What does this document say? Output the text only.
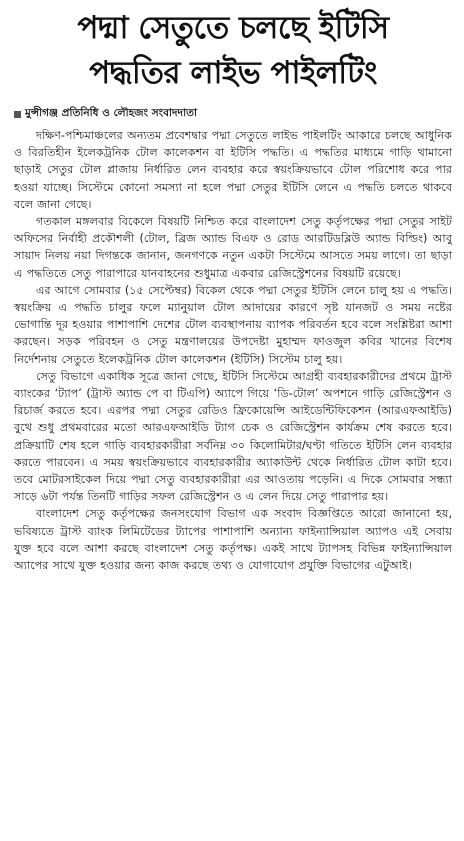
পদ্মা সেতুতে চলছে ইটিসি
পদ্ধতির লাইভ পাইলটিং
মুন্সীগঞ্জ প্রতিনিধি ও লৌহজং সংবাদদাতা

দক্ষিণ-পশ্চিমাঞ্চলের অন্যতম প্রবেশদ্বার পদ্মা সেতুতে লাইভ পাইলটিং আকারে চলছে আধুনিক ও বিরতিহীন ইলেকট্রনিক টোল কালেকশন বা ইটিসি পদ্ধতি। এ পদ্ধতির মাধ্যমে গাড়ি থামানো ছাড়াই সেতুর টোল প্লাজায় নির্ধারিত লেন ব্যবহার করে স্বয়ংক্রিয়ভাবে টোল পরিশোধ করে পার হওয়া যাচ্ছে। সিস্টেমে কোনো সমস্যা না হলে পদ্মা সেতুর ইটিসি লেনে এ পদ্ধতি চলতে থাকবে বলে জানা গেছে।

গতকাল মঙ্গলবার বিকেলে বিষয়টি নিশ্চিত করে বাংলাদেশ সেতু কর্তৃপক্ষের পদ্মা সেতুর সাইট অফিসের নির্বাহী প্রকৌশলী (টোল, ব্রিজ অ্যান্ড বিএফ ও রোড আরটিডব্লিউ অ্যান্ড বিল্ডিং) আবু সায়াদ নিলয় নয়া দিগন্তকে জানান, জনগণকে নতুন একটা সিস্টেমে আসতে সময় লাগে। তা ছাড়া এ পদ্ধতিতে সেতু পারাপারে যানবাহনের শুধুমাত্র একবার রেজিস্ট্রেশনের বিষয়টি রয়েছে।

এর আগে সোমবার (১৫ সেপ্টেম্বর) বিকেল থেকে পদ্মা সেতুর ইটিসি লেনে চালু হয় এ পদ্ধতি। স্বয়ংক্রিয় এ পদ্ধতি চালুর ফলে ম্যানুয়াল টোল আদায়ের কারণে সৃষ্ট যানজট ও সময় নষ্টের ভোগান্তি দূর হওয়ার পাশাপাশি দেশের টোল ব্যবস্থাপনায় ব্যাপক পরিবর্তন হবে বলে সংশ্লিষ্টরা আশা করছেন। সড়ক পরিবহন ও সেতু মন্ত্রণালয়ের উপদেষ্টা মুহাম্মদ ফাওজুল কবির খানের বিশেষ নির্দেশনায় সেতুতে ইলেকট্রনিক টোল কালেকশন (ইটিসি) সিস্টেম চালু হয়।

সেতু বিভাগে একাধিক সূত্রে জানা গেছে, ইটিসি সিস্টেমে আগ্রহী ব্যবহারকারীদের প্রথমে ট্রাস্ট ব্যাংকের ‘ট্যাপ’ (ট্রাস্ট অ্যান্ড পে বা টিএপি) অ্যাপে গিয়ে ‘ডি-টোল’ অপশনে গাড়ি রেজিস্ট্রেশন ও রিচার্জ করতে হবে। এরপর পদ্মা সেতুর রেডিও ফ্রিকোয়েন্সি আইডেন্টিফিকেশন (আরএফআইডি) বুথে শুধু প্রথমবারের মতো আরএফআইডি ট্যাগ চেক ও রেজিস্ট্রেশন কার্যক্রম শেষ করতে হবে। প্রক্রিয়াটি শেষ হলে গাড়ি ব্যবহারকারীরা সর্বনিম্ন ৩০ কিলোমিটার/ঘণ্টা গতিতে ইটিসি লেন ব্যবহার করতে পারবেন। এ সময় স্বয়ংক্রিয়ভাবে ব্যবহারকারীর অ্যাকাউন্ট থেকে নির্ধারিত টোল কাটা হবে। তবে মোটরসাইকেল দিয়ে পদ্মা সেতু ব্যবহারকারীরা এর আওতায় পড়েনি। এ দিকে সোমবার সন্ধ্যা সাড়ে ৬টা পর্যন্ত তিনটি গাড়ির সফল রেজিস্ট্রেশন ও এ লেন দিয়ে সেতু পারাপার হয়।

বাংলাদেশ সেতু কর্তৃপক্ষের জনসংযোগ বিভাগ এক সংবাদ বিজ্ঞপ্তিতে আরো জানানো হয়, ভবিষ্যতে ট্রাস্ট ব্যাংক লিমিটেডের ট্যাপের পাশাপাশি অন্যান্য ফাইন্যান্সিয়াল অ্যাপও এই সেবায় যুক্ত হবে বলে আশা করছে বাংলাদেশ সেতু কর্তৃপক্ষ। একই সাথে ট্যাপসহ বিভিন্ন ফাইন্যান্সিয়াল অ্যাপের সাথে যুক্ত হওয়ার জন্য কাজ করছে তথ্য ও যোগাযোগ প্রযুক্তি বিভাগের এটুআই।
